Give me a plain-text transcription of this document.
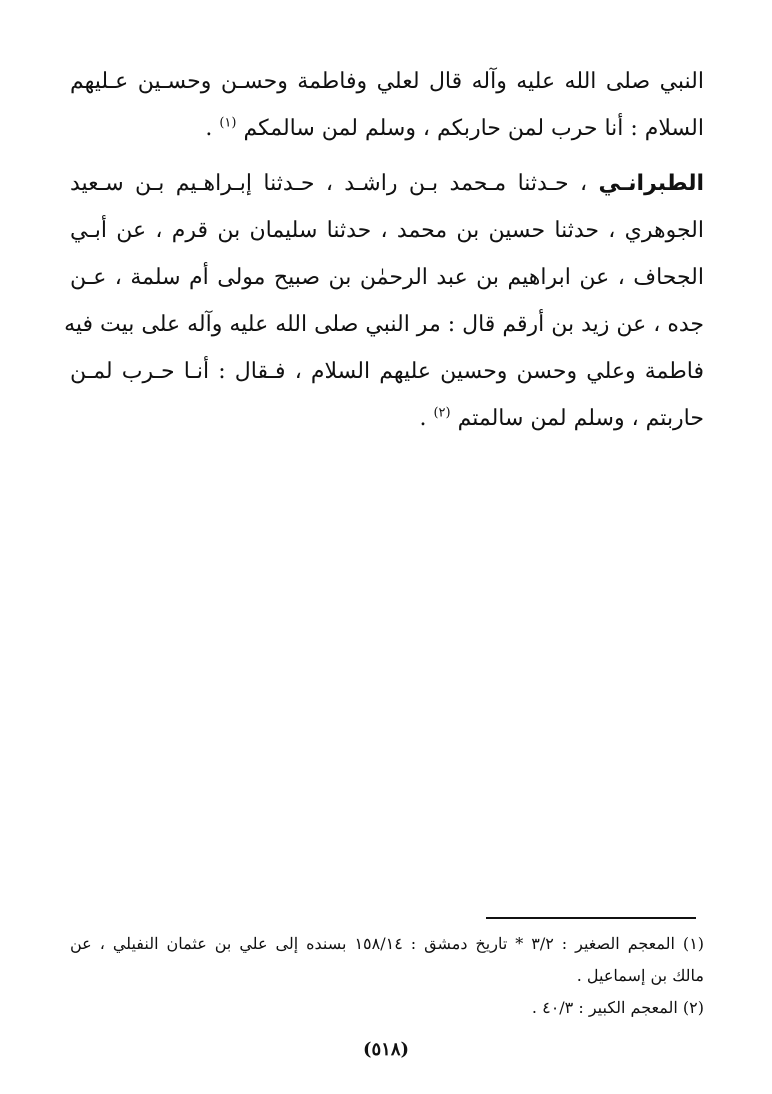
النبي صلى الله عليه وآله قال لعلي وفاطمة وحسـن وحسـين عـليهم
السلام : أنا حرب لمن حاربكم ، وسلم لمن سالمكم $^{(١)}$ .

الطبرانـي ، حـدثنا مـحمد بـن راشـد ، حـدثنا إبـراهـيم بـن سـعيد
الجوهري ، حدثنا حسين بن محمد ، حدثنا سليمان بن قرم ، عن أبـي
الجحاف ، عن ابراهيم بن عبد الرحمٰن بن صبيح مولى أم سلمة ، عـن
جده ، عن زيد بن أرقم قال : مر النبي صلى الله عليه وآله على بيت فيه
فاطمة وعلي وحسن وحسين عليهم السلام ، فـقال : أنـا حـرب لمـن
حاربتم ، وسلم لمن سالمتم $^{(٢)}$ .

(١) المعجم الصغير : ٣/٢ * تاريخ دمشق : ١٥٨/١٤ بسنده إلى علي بن عثمان النفيلي ، عن
مالك بن إسماعيل .
(٢) المعجم الكبير : ٤٠/٣ .
(٥١٨)
